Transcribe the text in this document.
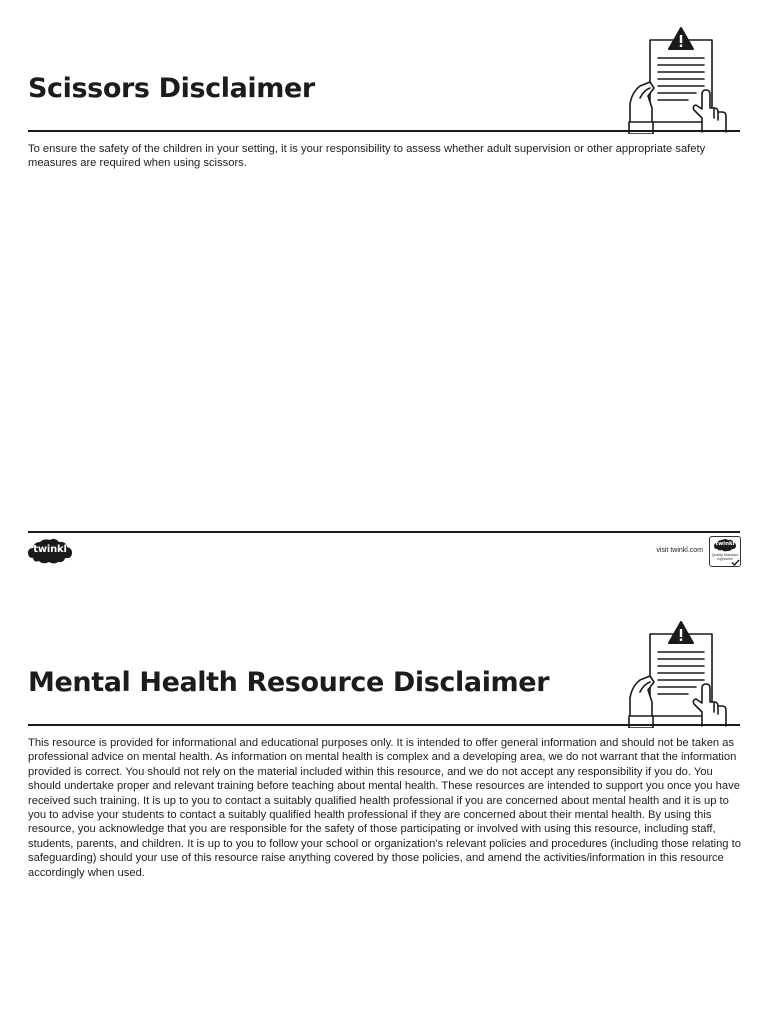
Scissors Disclaimer

To ensure the safety of the children in your setting, it is your responsibility to assess whether adult supervision or other appropriate safety measures are required when using scissors.

twinkl	visit twinkl.com
twinkl
Quality Standard
Approved
Mental Health Resource Disclaimer

This resource is provided for informational and educational purposes only. It is intended to offer general information and should not be taken as professional advice on mental health. As information on mental health is complex and a developing area, we do not warrant that the information provided is correct. You should not rely on the material included within this resource, and we do not accept any responsibility if you do. You should undertake proper and relevant training before teaching about mental health. These resources are intended to support you once you have received such training. It is up to you to contact a suitably qualified health professional if you are concerned about mental health and it is up to you to advise your students to contact a suitably qualified health professional if they are concerned about their mental health. By using this resource, you acknowledge that you are responsible for the safety of those participating or involved with using this resource, including staff, students, parents, and children. It is up to you to follow your school or organization's relevant policies and procedures (including those relating to safeguarding) should your use of this resource raise anything covered by those policies, and amend the activities/information in this resource accordingly when used.
